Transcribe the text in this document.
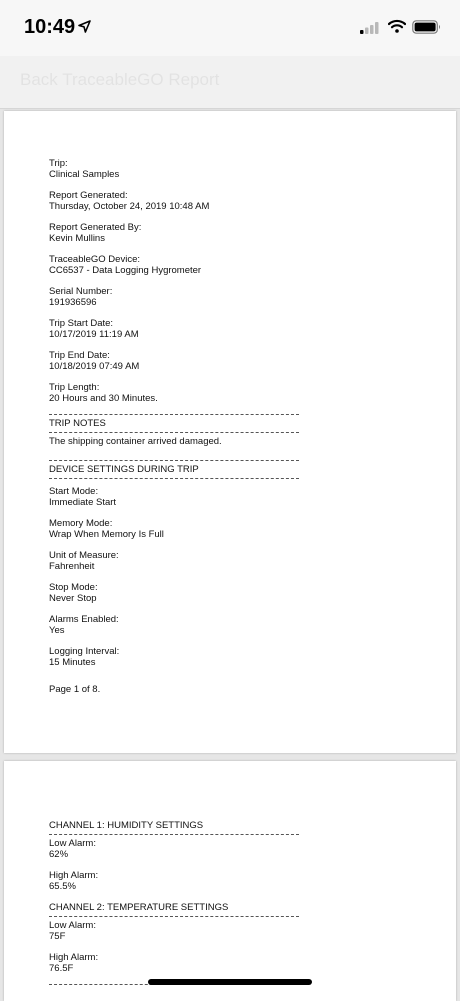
10:49
Back TraceableGO Report
Trip:
Clinical Samples
Report Generated:
Thursday, October 24, 2019 10:48 AM
Report Generated By:
Kevin Mullins
TraceableGO Device:
CC6537 - Data Logging Hygrometer
Serial Number:
191936596
Trip Start Date:
10/17/2019 11:19 AM
Trip End Date:
10/18/2019 07:49 AM
Trip Length:
20 Hours and 30 Minutes.
TRIP NOTES
The shipping container arrived damaged.
DEVICE SETTINGS DURING TRIP
Start Mode:
Immediate Start
Memory Mode:
Wrap When Memory Is Full
Unit of Measure:
Fahrenheit
Stop Mode:
Never Stop
Alarms Enabled:
Yes
Logging Interval:
15 Minutes
Page 1 of 8.
CHANNEL 1: HUMIDITY SETTINGS
Low Alarm:
62%
High Alarm:
65.5%
CHANNEL 2: TEMPERATURE SETTINGS
Low Alarm:
75F
High Alarm:
76.5F
